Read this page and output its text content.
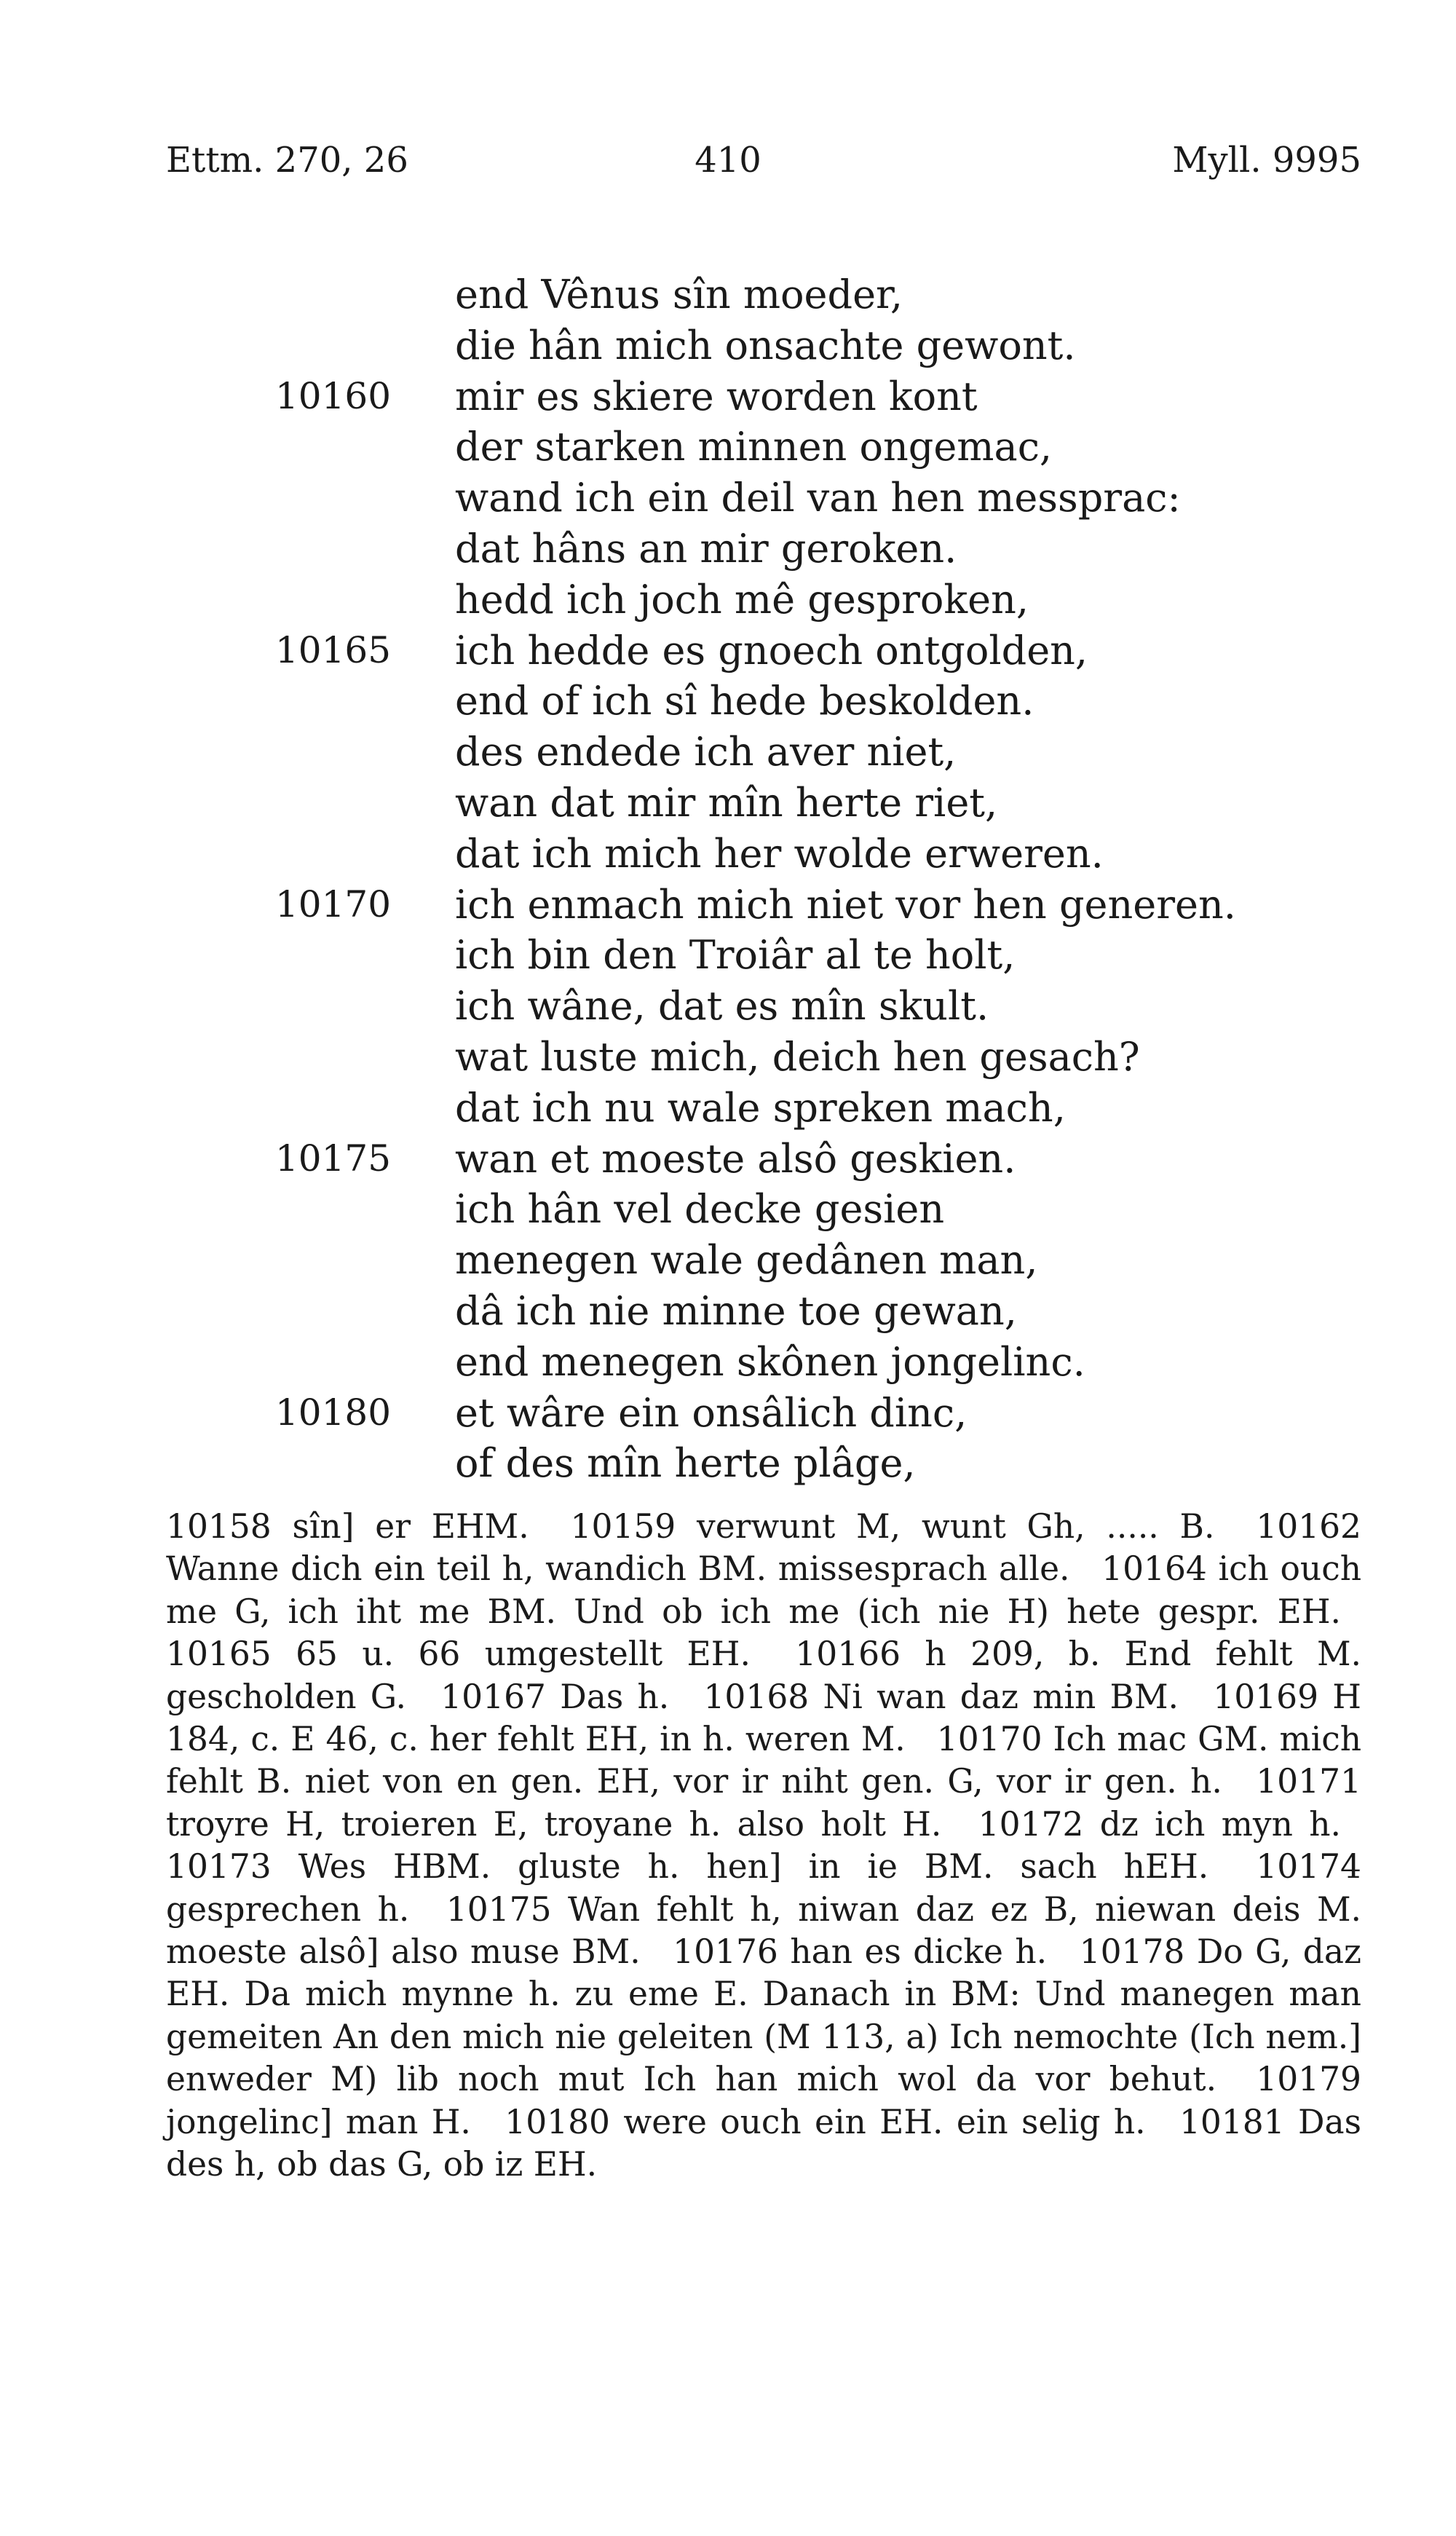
Ettm. 270, 26	410	Myll. 9995
end Vênus sîn moeder,
die hân mich onsachte gewont.
10160 mir es skiere worden kont
der starken minnen ongemac,
wand ich ein deil van hen messprac:
dat hâns an mir geroken.
hedd ich joch mê gesproken,
10165 ich hedde es gnoech ontgolden,
end of ich sî hede beskolden.
des endede ich aver niet,
wan dat mir mîn herte riet,
dat ich mich her wolde erweren.
10170 ich enmach mich niet vor hen generen.
ich bin den Troiâr al te holt,
ich wâne, dat es mîn skult.
wat luste mich, deich hen gesach?
dat ich nu wale spreken mach,
10175 wan et moeste alsô geskien.
ich hân vel decke gesien
menegen wale gedânen man,
dâ ich nie minne toe gewan,
end menegen skônen jongelinc.
10180 et wâre ein onsâlich dinc,
of des mîn herte plâge,
10158 sîn] er EHM. 10159 verwunt M, wunt Gh, ..... B. 10162 Wanne dich ein teil h, wandich BM. missesprach alle. 10164 ich ouch me G, ich iht me BM. Und ob ich me (ich nie H) hete gespr. EH. 10165 65 u. 66 umgestellt EH. 10166 h 209, b. End fehlt M. gescholden G. 10167 Das h. 10168 Ni wan daz min BM. 10169 H 184, c. E 46, c. her fehlt EH, in h. weren M. 10170 Ich mac GM. mich fehlt B. niet von en gen. EH, vor ir niht gen. G, vor ir gen. h. 10171 troyre H, troieren E, troyane h. also holt H. 10172 dz ich myn h. 10173 Wes HBM. gluste h. hen] in ie BM. sach hEH. 10174 gesprechen h. 10175 Wan fehlt h, niwan daz ez B, niewan deis M. moeste alsô] also muse BM. 10176 han es dicke h. 10178 Do G, daz EH. Da mich mynne h. zu eme E. Danach in BM: Und manegen man gemeiten An den mich nie geleiten (M 113, a) Ich nemochte (Ich nem.] enweder M) lib noch mut Ich han mich wol da vor behut. 10179 jongelinc] man H. 10180 were ouch ein EH. ein selig h. 10181 Das des h, ob das G, ob iz EH.
